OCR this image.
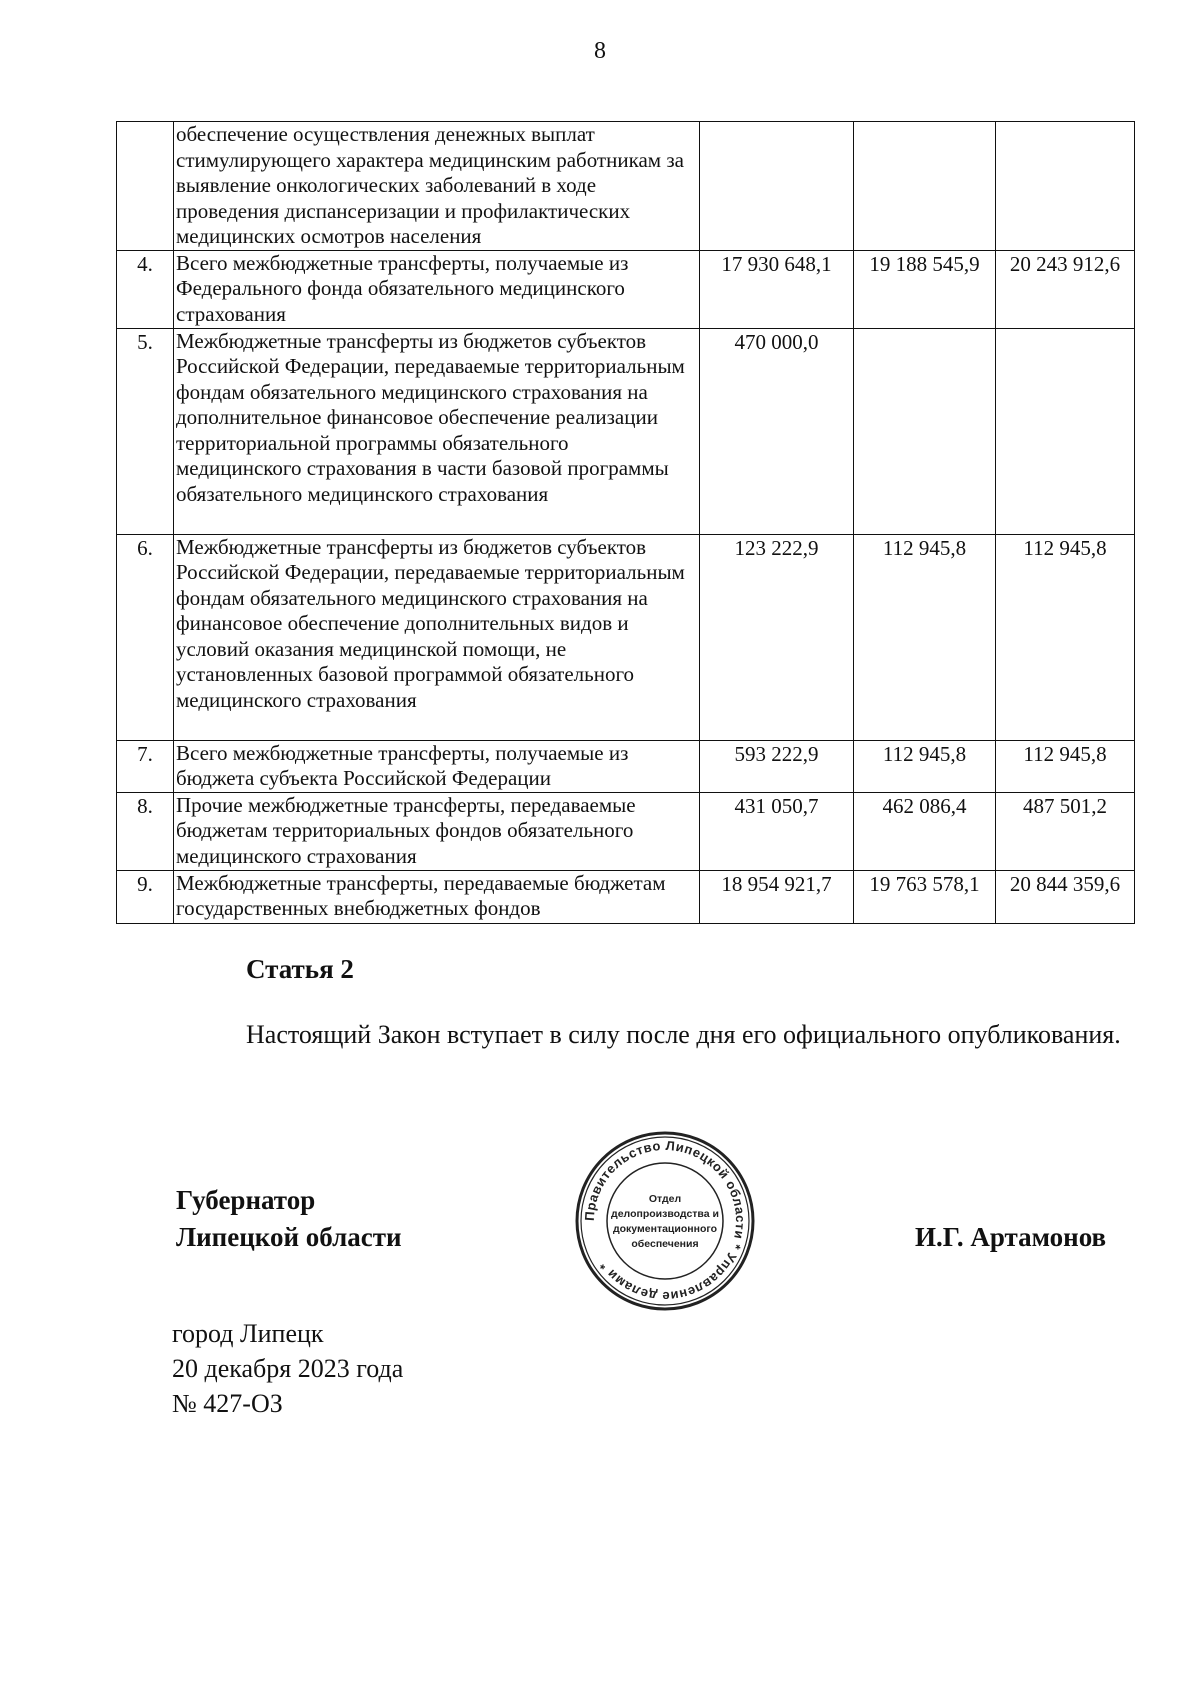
8
	обеспечение осуществления денежных выплат стимулирующего характера медицинским работникам за выявление онкологических заболеваний в ходе проведения диспансеризации и профилактических медицинских осмотров населения			
4.	Всего межбюджетные трансферты, получаемые из Федерального фонда обязательного медицинского страхования	17 930 648,1	19 188 545,9	20 243 912,6
5.	Межбюджетные трансферты из бюджетов субъектов Российской Федерации, передаваемые территориальным фондам обязательного медицинского страхования на дополнительное финансовое обеспечение реализации территориальной программы обязательного медицинского страхования в части базовой программы обязательного медицинского страхования	470 000,0		
6.	Межбюджетные трансферты из бюджетов субъектов Российской Федерации, передаваемые территориальным фондам обязательного медицинского страхования на финансовое обеспечение дополнительных видов и условий оказания медицинской помощи, не установленных базовой программой обязательного медицинского страхования	123 222,9	112 945,8	112 945,8
7.	Всего межбюджетные трансферты, получаемые из бюджета субъекта Российской Федерации	593 222,9	112 945,8	112 945,8
8.	Прочие межбюджетные трансферты, передаваемые бюджетам территориальных фондов обязательного медицинского страхования	431 050,7	462 086,4	487 501,2
9.	Межбюджетные трансферты, передаваемые бюджетам государственных внебюджетных фондов	18 954 921,7	19 763 578,1	20 844 359,6
Статья 2
Настоящий Закон вступает в силу после дня его официального опубликования.
Губернатор
Липецкой области
Правительство Липецкой области * Управление делами *
Отдел
делопроизводства и
документационного
обеспечения	И.Г. Артамонов
город Липецк
20 декабря 2023 года
№ 427-ОЗ
